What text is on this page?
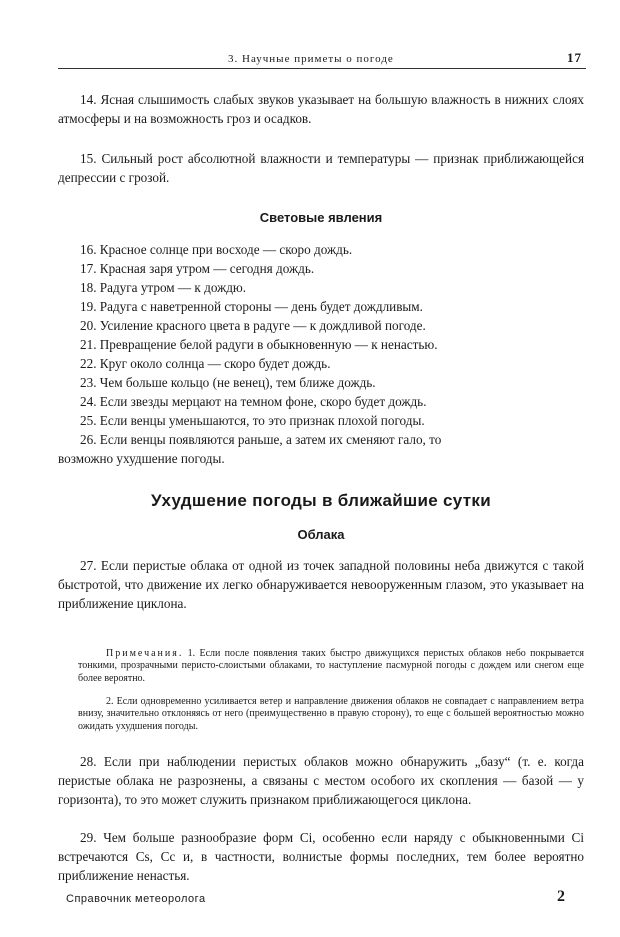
3. Научные приметы о погоде	17

14. Ясная слышимость слабых звуков указывает на большую влажность в нижних слоях атмосферы и на возможность гроз и осадков.

15. Сильный рост абсолютной влажности и температуры — признак приближающейся депрессии с грозой.

Световые явления

16. Красное солнце при восходе — скоро дождь.

17. Красная заря утром — сегодня дождь.

18. Радуга утром — к дождю.

19. Радуга с наветренной стороны — день будет дождливым.

20. Усиление красного цвета в радуге — к дождливой погоде.

21. Превращение белой радуги в обыкновенную — к ненастью.

22. Круг около солнца — скоро будет дождь.

23. Чем больше кольцо (не венец), тем ближе дождь.

24. Если звезды мерцают на темном фоне, скоро будет дождь.

25. Если венцы уменьшаются, то это признак плохой погоды.

26. Если венцы появляются раньше, а затем их сменяют гало, то
возможно ухудшение погоды.

Ухудшение погоды в ближайшие сутки
Облака

27. Если перистые облака от одной из точек западной половины неба движутся с такой быстротой, что движение их легко обнаруживается невооруженным глазом, это указывает на приближение циклона.

Примечания. 1. Если после появления таких быстро движущихся перистых облаков небо покрывается тонкими, прозрачными перисто-слоистыми облаками, то наступление пасмурной погоды с дождем или снегом еще более вероятно.

2. Если одновременно усиливается ветер и направление движения облаков не совпадает с направлением ветра внизу, значительно отклоняясь от него (преимущественно в правую сторону), то еще с большей вероятностью можно ожидать ухудшения погоды.

28. Если при наблюдении перистых облаков можно обнаружить „базу“ (т. е. когда перистые облака не разрознены, а связаны с местом особого их скопления — базой — у горизонта), то это может служить признаком приближающегося циклона.

29. Чем больше разнообразие форм Ci, особенно если наряду с обыкновенными Ci встречаются Cs, Cc и, в частности, волнистые формы последних, тем более вероятно приближение ненастья.

Справочник метеоролога	2
